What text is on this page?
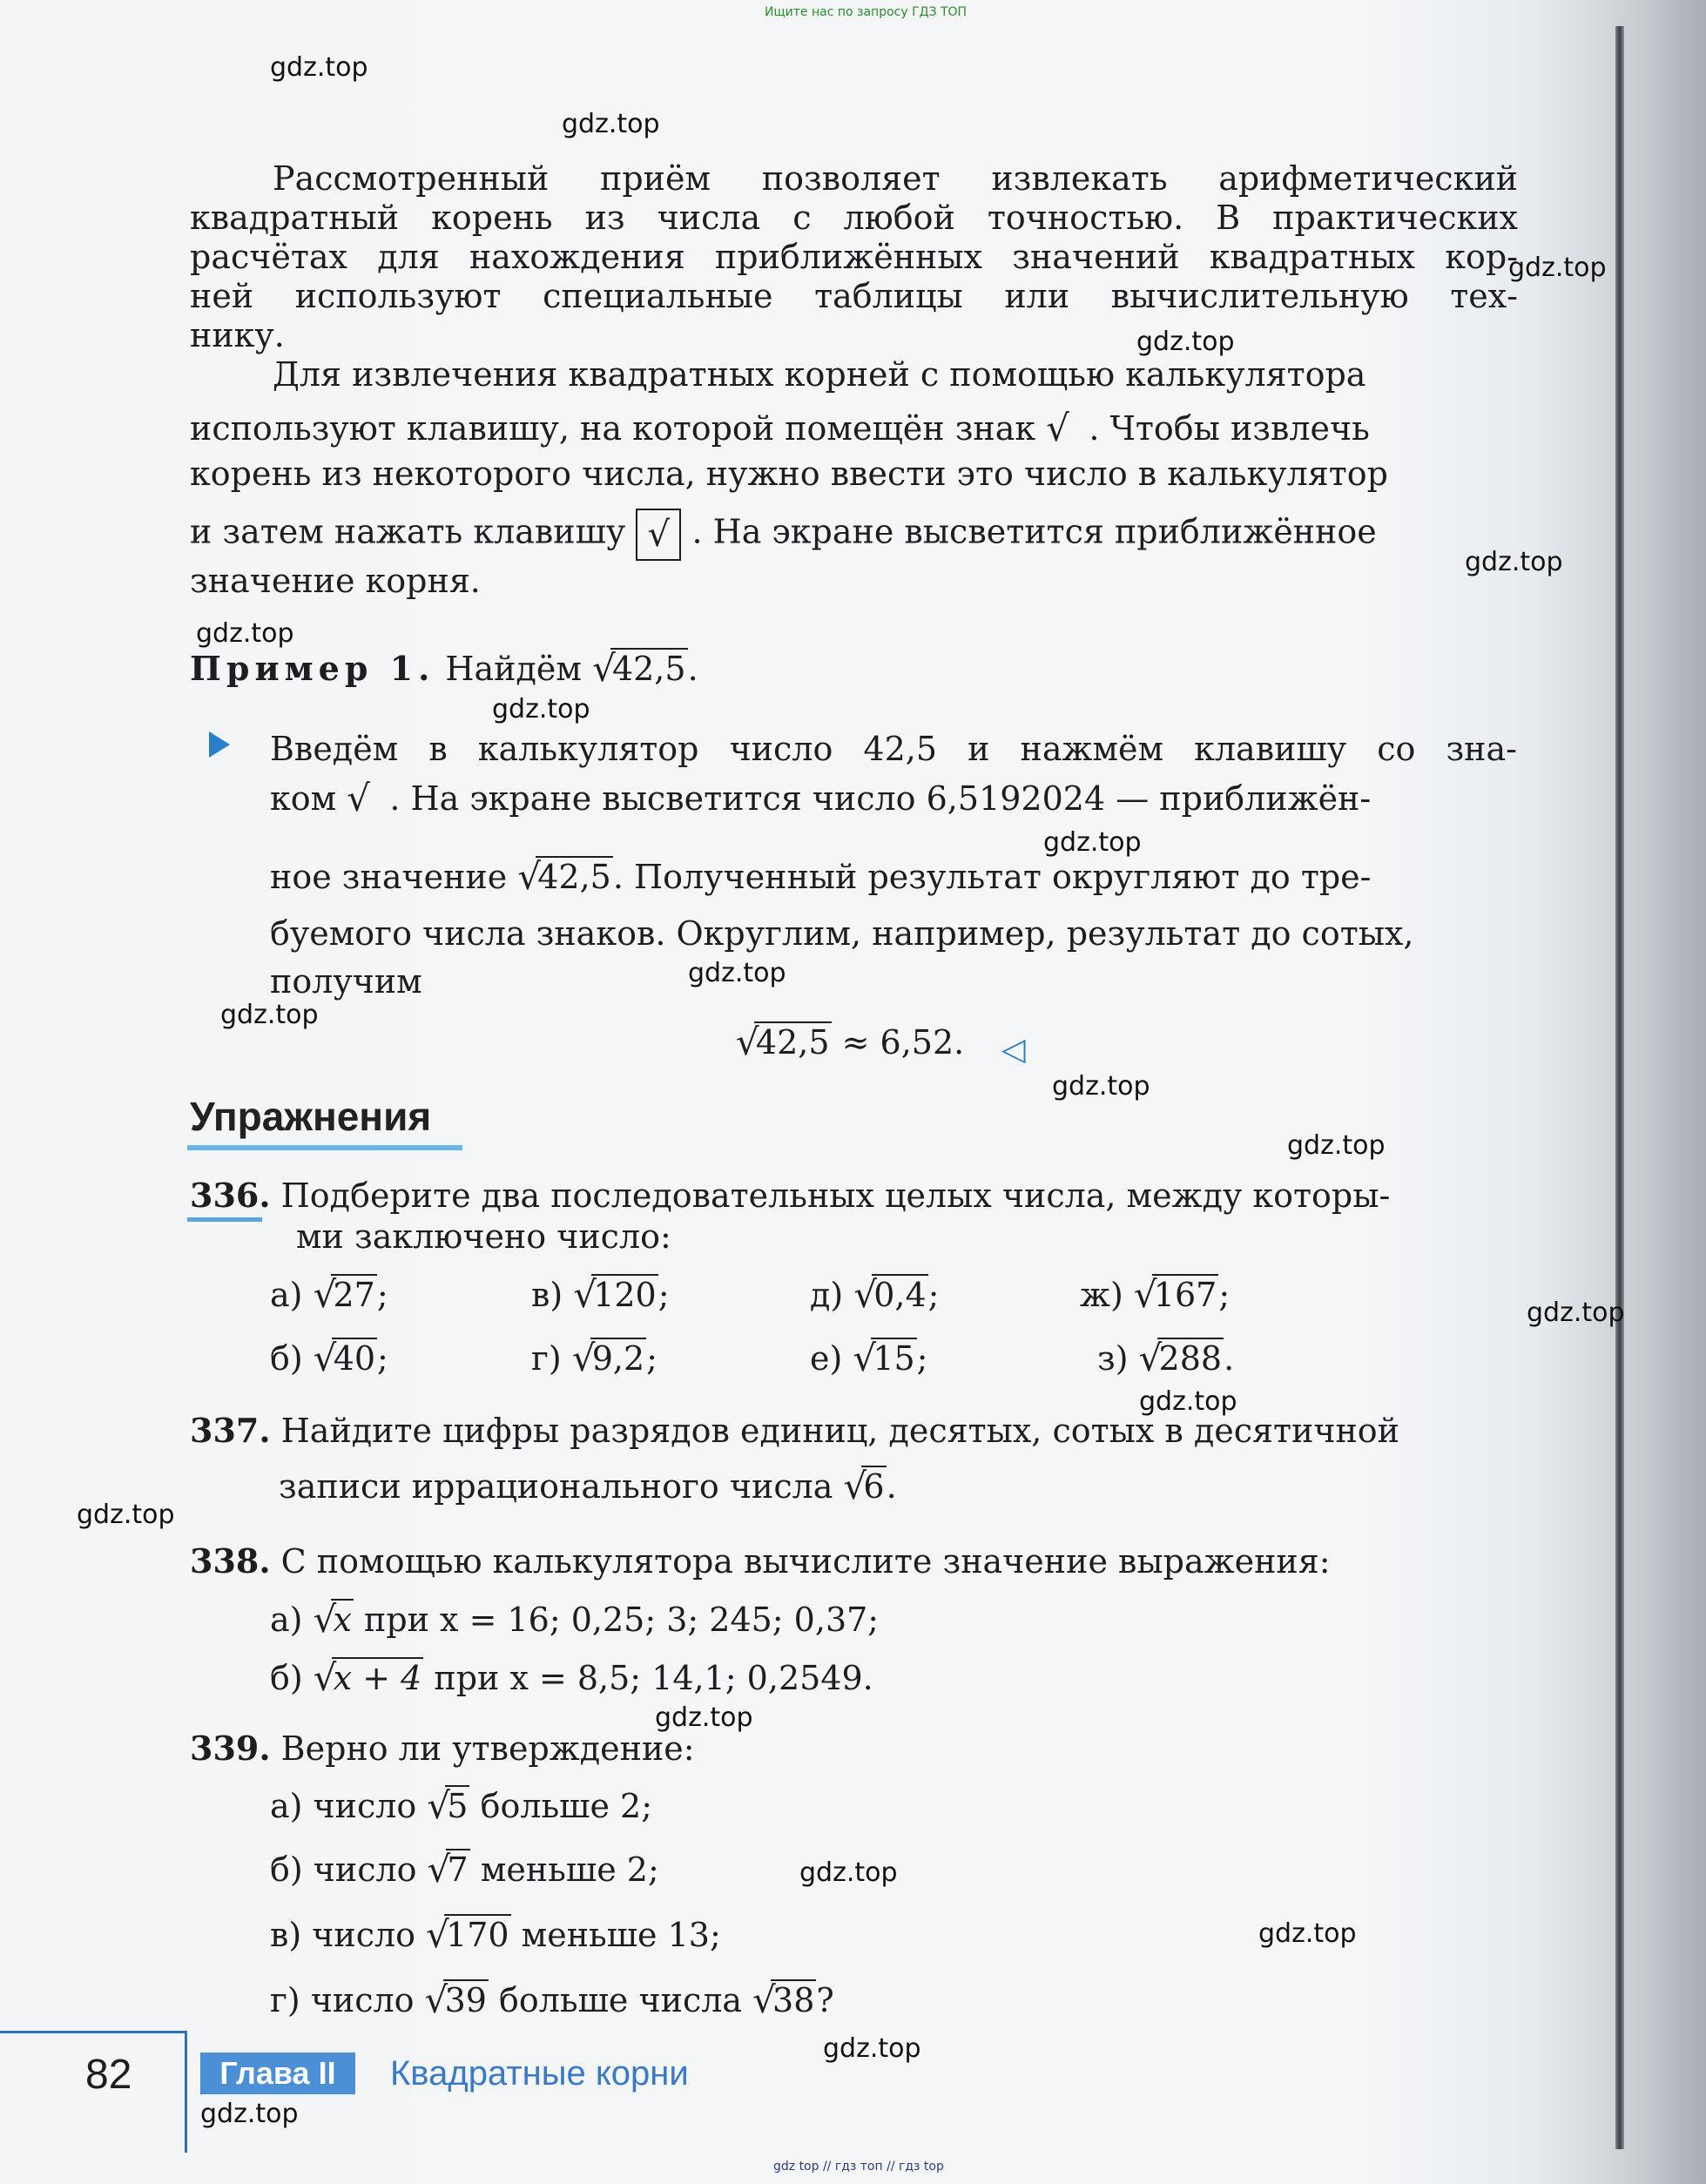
Ищите нас по запросу ГДЗ ТОП
gdz.top
gdz.top
gdz.top
gdz.top
gdz.top
gdz.top
gdz.top
gdz.top
gdz.top
gdz.top
gdz.top
gdz.top
gdz.top
gdz.top
gdz.top
gdz.top
gdz.top
gdz.top
gdz.top
gdz.top
Рассмотренный приём позволяет извлекать арифметический
квадратный корень из числа с любой точностью. В практических
расчётах для нахождения приближённых значений квадратных кор-
ней используют специальные таблицы или вычислительную тех-
нику.
Для извлечения квадратных корней с помощью калькулятора
используют клавишу, на которой помещён знак √ . Чтобы извлечь
корень из некоторого числа, нужно ввести это число в калькулятор
и затем нажать клавишу √ . На экране высветится приближённое
значение корня.
Пример 1. Найдём √
42,5.
Введём в калькулятор число 42,5 и нажмём клавишу со зна-
ком √ . На экране высветится число 6,5192024 — приближён-
ное значение √
42,5. Полученный результат округляют до тре-
буемого числа знаков. Округлим, например, результат до сотых,
получим
√
42,5 ≈ 6,52. ◁
Упражнения
336. Подберите два последовательных целых числа, между которы-
ми заключено число:
а) √
27;	в) √
120;	д) √
0,4;	ж) √
167;
б) √
40;	г) √
9,2;	е) √
15;	з) √
288.
337. Найдите цифры разрядов единиц, десятых, сотых в десятичной
записи иррационального числа √
6.
338. С помощью калькулятора вычислите значение выражения:
а) √
x при x = 16; 0,25; 3; 245; 0,37;
б) √
x + 4 при x = 8,5; 14,1; 0,2549.
339. Верно ли утверждение:
а) число √
5 больше 2;
б) число √
7 меньше 2;
в) число √
170 меньше 13;
г) число √
39 больше числа √
38?
82	Глава II	Квадратные корни
gdz top // гдз топ // гдз top
